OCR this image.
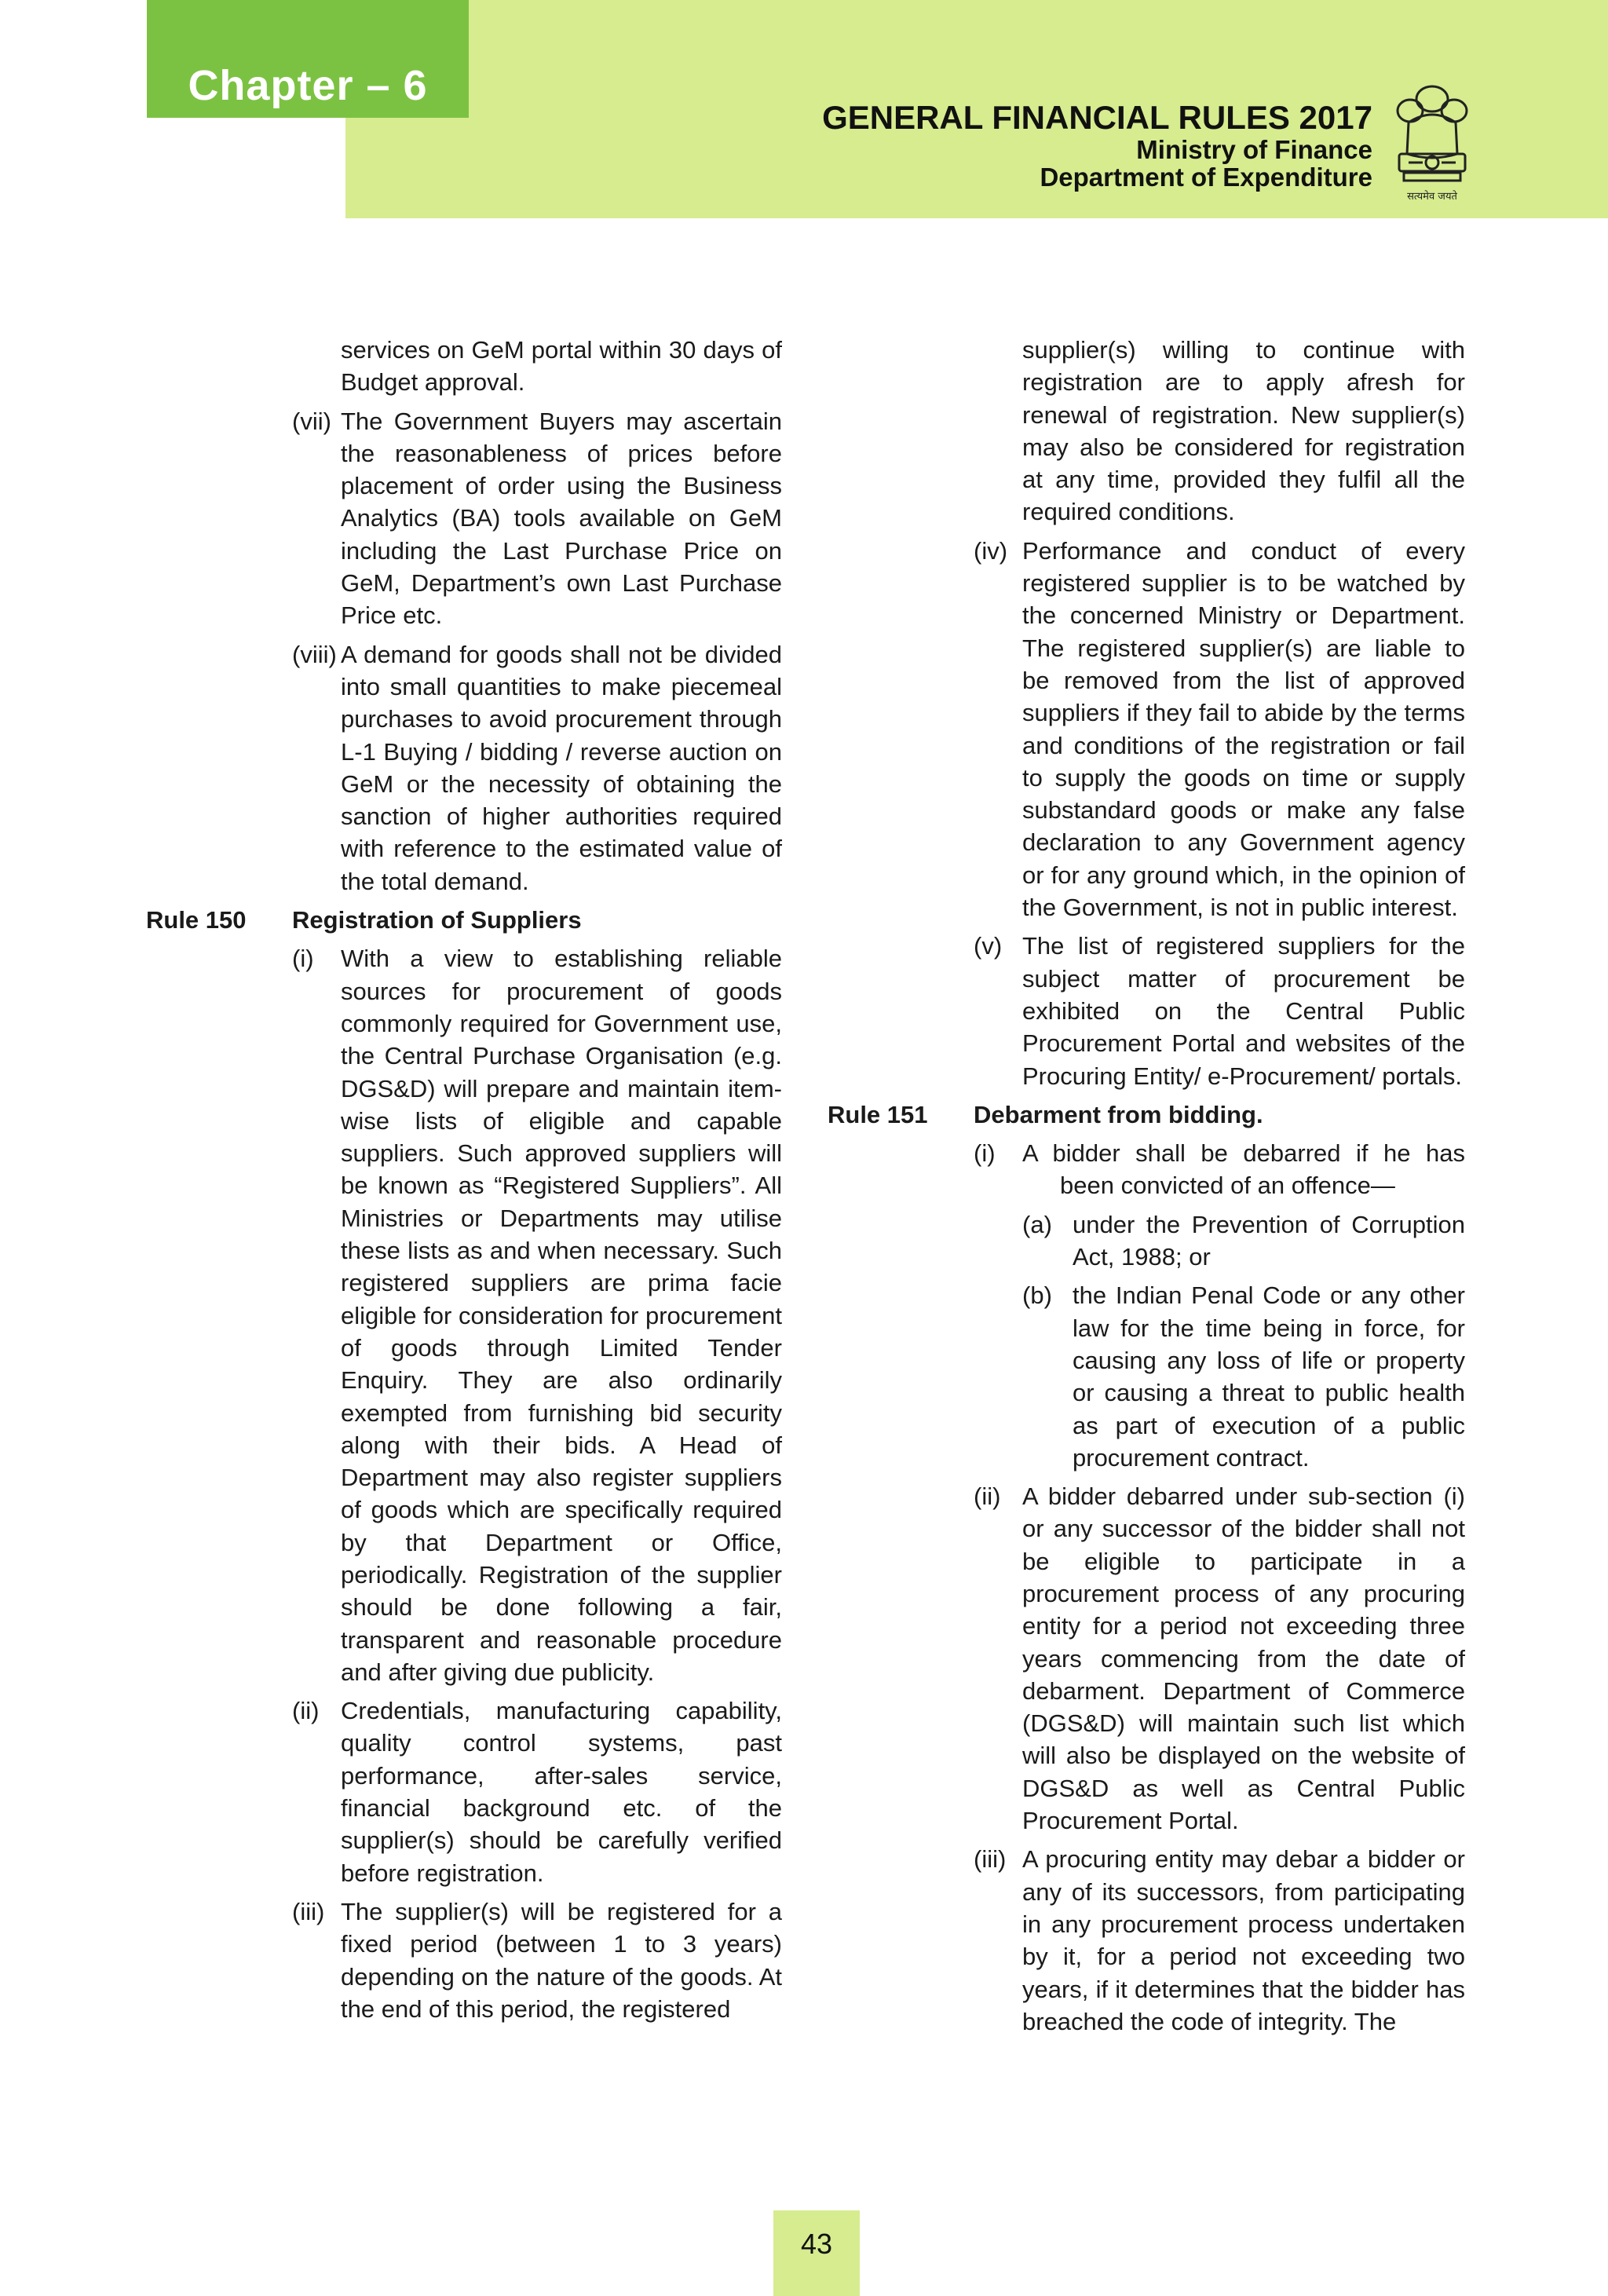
Chapter – 6
GENERAL FINANCIAL RULES 2017
Ministry of Finance
Department of Expenditure
सत्यमेव जयते
services on GeM portal within 30 days of Budget approval.
(vii) The Government Buyers may ascertain the reasonableness of prices before placement of order using the Business Analytics (BA) tools available on GeM including the Last Purchase Price on GeM, Department’s own Last Purchase Price etc.
(viii) A demand for goods shall not be divided into small quantities to make piecemeal purchases to avoid procurement through L-1 Buying / bidding / reverse auction on GeM or the necessity of obtaining the sanction of higher authorities required with reference to the estimated value of the total demand.
Rule 150 Registration of Suppliers
(i) With a view to establishing reliable sources for procurement of goods commonly required for Government use, the Central Purchase Organisation (e.g. DGS&D) will prepare and maintain item-wise lists of eligible and capable suppliers. Such approved suppliers will be known as “Registered Suppliers”. All Ministries or Departments may utilise these lists as and when necessary. Such registered suppliers are prima facie eligible for consideration for procurement of goods through Limited Tender Enquiry. They are also ordinarily exempted from furnishing bid security along with their bids. A Head of Department may also register suppliers of goods which are specifically required by that Department or Office, periodically. Registration of the supplier should be done following a fair, transparent and reasonable procedure and after giving due publicity.
(ii) Credentials, manufacturing capability, quality control systems, past performance, after-sales service, financial background etc. of the supplier(s) should be carefully verified before registration.
(iii) The supplier(s) will be registered for a fixed period (between 1 to 3 years) depending on the nature of the goods. At the end of this period, the registered
supplier(s) willing to continue with registration are to apply afresh for renewal of registration. New supplier(s) may also be considered for registration at any time, provided they fulfil all the required conditions.
(iv) Performance and conduct of every registered supplier is to be watched by the concerned Ministry or Department. The registered supplier(s) are liable to be removed from the list of approved suppliers if they fail to abide by the terms and conditions of the registration or fail to supply the goods on time or supply substandard goods or make any false declaration to any Government agency or for any ground which, in the opinion of the Government, is not in public interest.
(v) The list of registered suppliers for the subject matter of procurement be exhibited on the Central Public Procurement Portal and websites of the Procuring Entity/ e-Procurement/ portals.
Rule 151 Debarment from bidding.
(i) A bidder shall be debarred if he has been convicted of an offence—
(a) under the Prevention of Corruption Act, 1988; or
(b) the Indian Penal Code or any other law for the time being in force, for causing any loss of life or property or causing a threat to public health as part of execution of a public procurement contract.
(ii) A bidder debarred under sub-section (i) or any successor of the bidder shall not be eligible to participate in a procurement process of any procuring entity for a period not exceeding three years commencing from the date of debarment. Department of Commerce (DGS&D) will maintain such list which will also be displayed on the website of DGS&D as well as Central Public Procurement Portal.
(iii) A procuring entity may debar a bidder or any of its successors, from participating in any procurement process undertaken by it, for a period not exceeding two years, if it determines that the bidder has breached the code of integrity. The
43
